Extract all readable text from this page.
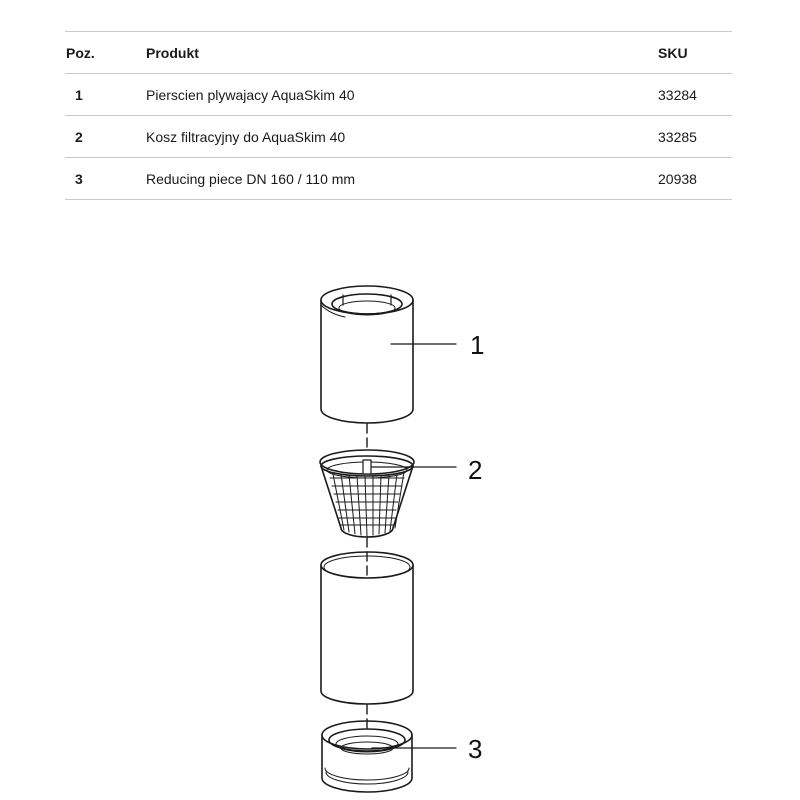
Poz.	Produkt	SKU
1	Pierscien plywajacy AquaSkim 40	33284
2	Kosz filtracyjny do AquaSkim 40	33285
3	Reducing piece DN 160 / 110 mm	20938
1
2
3
